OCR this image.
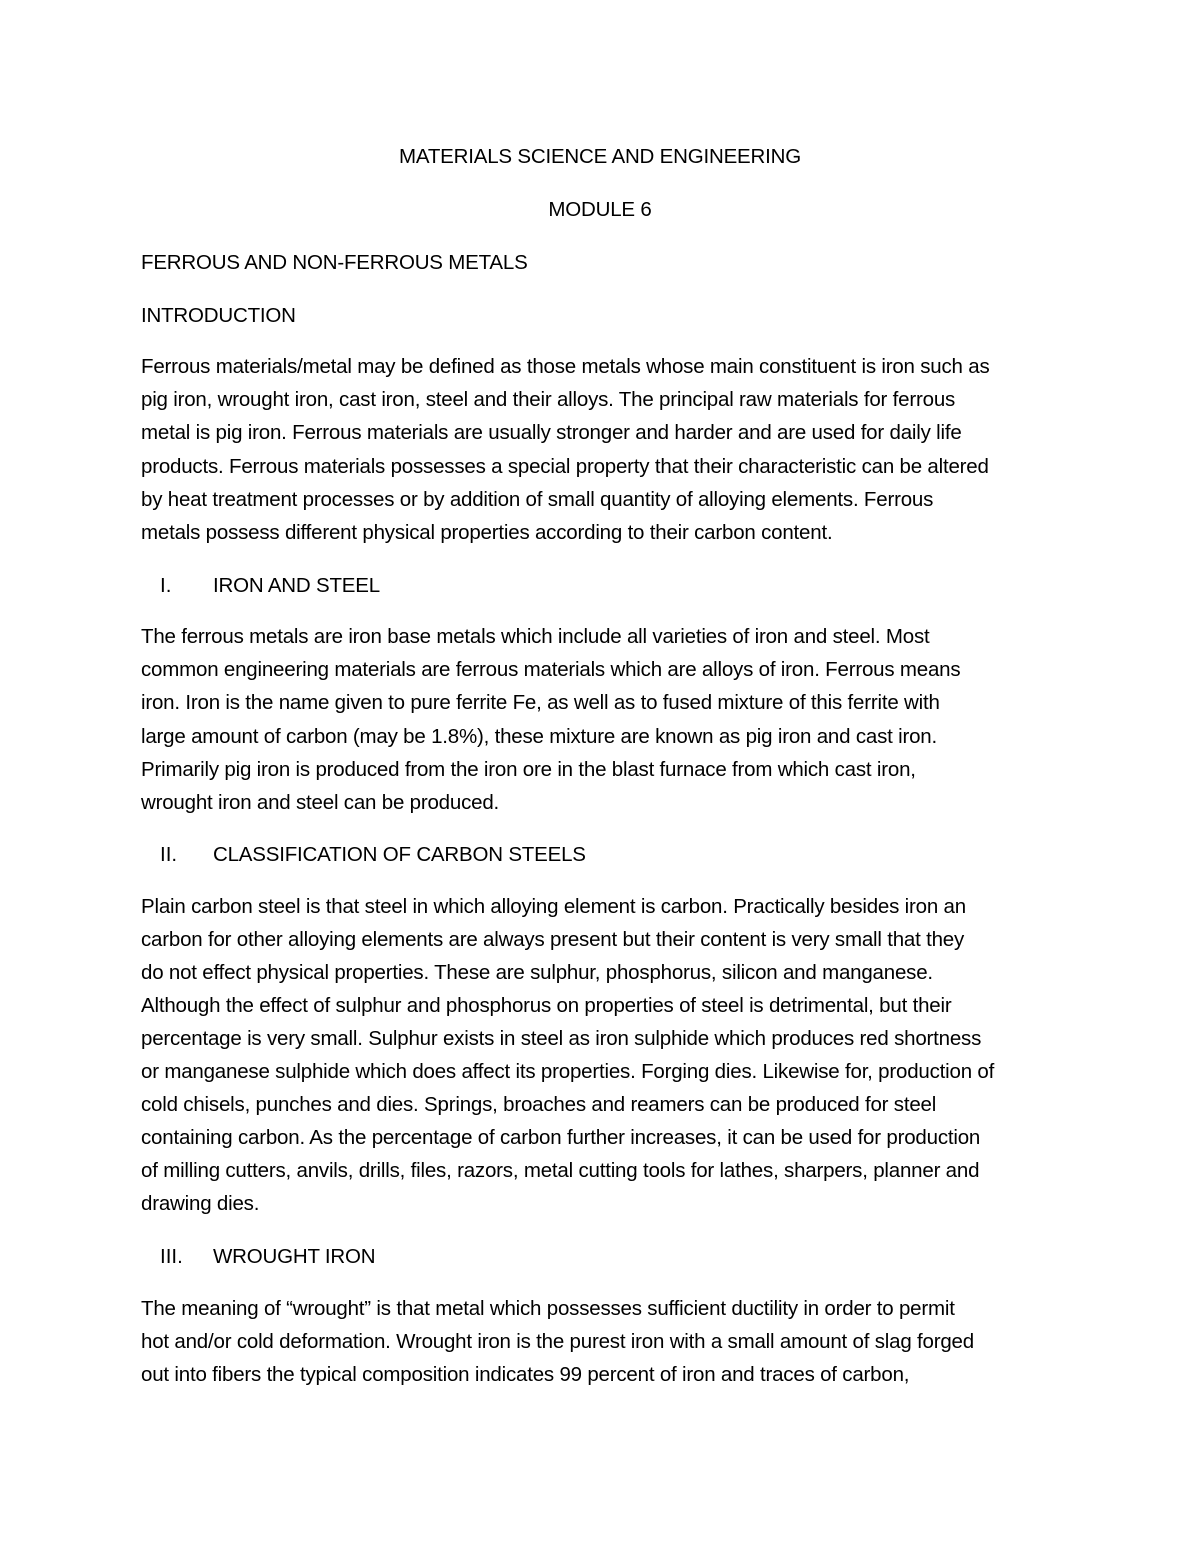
MATERIALS SCIENCE AND ENGINEERING
MODULE 6
FERROUS AND NON-FERROUS METALS
INTRODUCTION
Ferrous materials/metal may be defined as those metals whose main constituent is iron such as
pig iron, wrought iron, cast iron, steel and their alloys. The principal raw materials for ferrous
metal is pig iron. Ferrous materials are usually stronger and harder and are used for daily life
products. Ferrous materials possesses a special property that their characteristic can be altered
by heat treatment processes or by addition of small quantity of alloying elements. Ferrous
metals possess different physical properties according to their carbon content.
I. IRON AND STEEL
The ferrous metals are iron base metals which include all varieties of iron and steel. Most
common engineering materials are ferrous materials which are alloys of iron. Ferrous means
iron. Iron is the name given to pure ferrite Fe, as well as to fused mixture of this ferrite with
large amount of carbon (may be 1.8%), these mixture are known as pig iron and cast iron.
Primarily pig iron is produced from the iron ore in the blast furnace from which cast iron,
wrought iron and steel can be produced.
II. CLASSIFICATION OF CARBON STEELS
Plain carbon steel is that steel in which alloying element is carbon. Practically besides iron an
carbon for other alloying elements are always present but their content is very small that they
do not effect physical properties. These are sulphur, phosphorus, silicon and manganese.
Although the effect of sulphur and phosphorus on properties of steel is detrimental, but their
percentage is very small. Sulphur exists in steel as iron sulphide which produces red shortness
or manganese sulphide which does affect its properties. Forging dies. Likewise for, production of
cold chisels, punches and dies. Springs, broaches and reamers can be produced for steel
containing carbon. As the percentage of carbon further increases, it can be used for production
of milling cutters, anvils, drills, files, razors, metal cutting tools for lathes, sharpers, planner and
drawing dies.
III. WROUGHT IRON
The meaning of “wrought” is that metal which possesses sufficient ductility in order to permit
hot and/or cold deformation. Wrought iron is the purest iron with a small amount of slag forged
out into fibers the typical composition indicates 99 percent of iron and traces of carbon,
